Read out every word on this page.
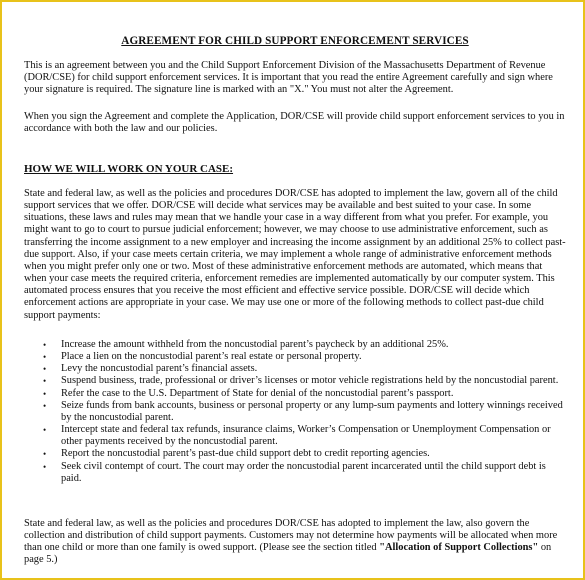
AGREEMENT FOR CHILD SUPPORT ENFORCEMENT SERVICES

This is an agreement between you and the Child Support Enforcement Division of the Massachusetts Department of Revenue (DOR/CSE) for child support enforcement services. It is important that you read the entire Agreement carefully and sign where your signature is required. The signature line is marked with an "X." You must not alter the Agreement.

When you sign the Agreement and complete the Application, DOR/CSE will provide child support enforcement services to you in accordance with both the law and our policies.

HOW WE WILL WORK ON YOUR CASE:

State and federal law, as well as the policies and procedures DOR/CSE has adopted to implement the law, govern all of the child support services that we offer. DOR/CSE will decide what services may be available and best suited to your case. In some situations, these laws and rules may mean that we handle your case in a way different from what you prefer. For example, you might want to go to court to pursue judicial enforcement; however, we may choose to use administrative enforcement, such as transferring the income assignment to a new employer and increasing the income assignment by an additional 25% to collect past-due support. Also, if your case meets certain criteria, we may implement a whole range of administrative enforcement methods when you might prefer only one or two. Most of these administrative enforcement methods are automated, which means that when your case meets the required criteria, enforcement remedies are implemented automatically by our computer system. This automated process ensures that you receive the most efficient and effective service possible. DOR/CSE will decide which enforcement actions are appropriate in your case. We may use one or more of the following methods to collect past-due child support payments:

• Increase the amount withheld from the noncustodial parent’s paycheck by an additional 25%.
• Place a lien on the noncustodial parent’s real estate or personal property.
• Levy the noncustodial parent’s financial assets.
• Suspend business, trade, professional or driver’s licenses or motor vehicle registrations held by the noncustodial parent.
• Refer the case to the U.S. Department of State for denial of the noncustodial parent’s passport.
• Seize funds from bank accounts, business or personal property or any lump-sum payments and lottery winnings received by the noncustodial parent.
• Intercept state and federal tax refunds, insurance claims, Worker’s Compensation or Unemployment Compensation or other payments received by the noncustodial parent.
• Report the noncustodial parent’s past-due child support debt to credit reporting agencies.
• Seek civil contempt of court. The court may order the noncustodial parent incarcerated until the child support debt is paid.

State and federal law, as well as the policies and procedures DOR/CSE has adopted to implement the law, also govern the collection and distribution of child support payments. Customers may not determine how payments will be allocated when more than one child or more than one family is owed support. (Please see the section titled "Allocation of Support Collections" on page 5.)
